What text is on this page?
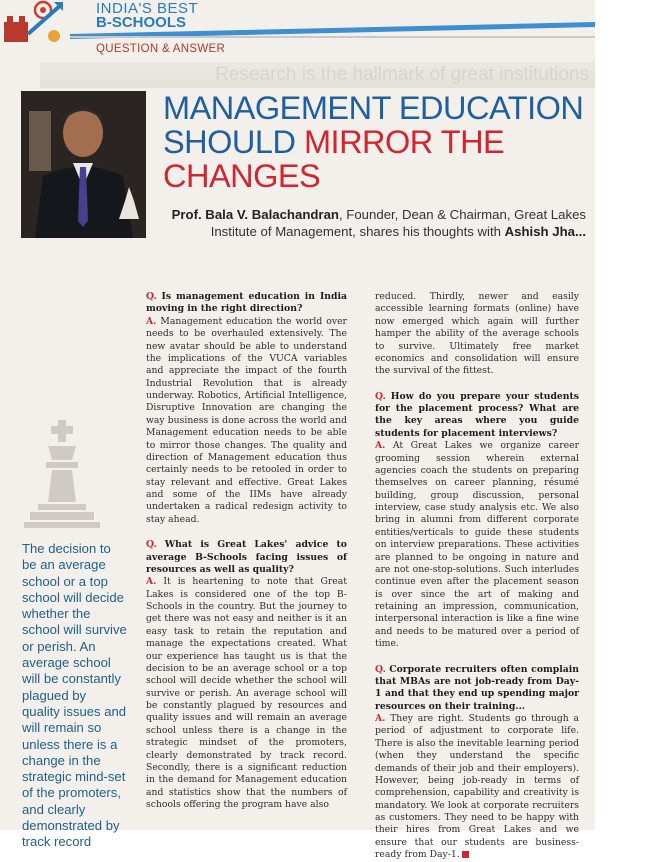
INDIA'S BEST
B-SCHOOLS
QUESTION & ANSWER
Research is the hallmark of great institutions
MANAGEMENT EDUCATION
SHOULD MIRROR THE
CHANGES
Prof. Bala V. Balachandran, Founder, Dean & Chairman, Great Lakes Institute of Management, shares his thoughts with Ashish Jha...
The decision to be an average school or a top school will decide whether the school will survive or perish. An average school will be constantly plagued by quality issues and will remain so unless there is a change in the strategic mind-set of the promoters, and clearly demonstrated by track record

Q. Is management education in India moving in the right direction?

A. Management education the world over needs to be overhauled extensively. The new avatar should be able to understand the implications of the VUCA variables and appreciate the impact of the fourth Industrial Revolution that is already underway. Robotics, Artificial Intelligence, Disruptive Innovation are changing the way business is done across the world and Management education needs to be able to mirror those changes. The quality and direction of Management education thus certainly needs to be retooled in order to stay relevant and effective. Great Lakes and some of the IIMs have already undertaken a radical redesign activity to stay ahead.

Q. What is Great Lakes' advice to average B-Schools facing issues of resources as well as quality?

A. It is heartening to note that Great Lakes is considered one of the top B-Schools in the country. But the journey to get there was not easy and neither is it an easy task to retain the reputation and manage the expectations created. What our experience has taught us is that the decision to be an average school or a top school will decide whether the school will survive or perish. An average school will be constantly plagued by resources and quality issues and will remain an average school unless there is a change in the strategic mindset of the promoters, clearly demonstrated by track record. Secondly, there is a significant reduction in the demand for Management education and statistics show that the numbers of schools offering the program have also

reduced. Thirdly, newer and easily accessible learning formats (online) have now emerged which again will further hamper the ability of the average schools to survive. Ultimately free market economics and consolidation will ensure the survival of the fittest.

Q. How do you prepare your students for the placement process? What are the key areas where you guide students for placement interviews?

A. At Great Lakes we organize career grooming session wherein external agencies coach the students on preparing themselves on career planning, résumé building, group discussion, personal interview, case study analysis etc. We also bring in alumni from different corporate entities/verticals to guide these students on interview preparations. These activities are planned to be ongoing in nature and are not one-stop-solutions. Such interludes continue even after the placement season is over since the art of making and retaining an impression, communication, interpersonal interaction is like a fine wine and needs to be matured over a period of time.

Q. Corporate recruiters often complain that MBAs are not job-ready from Day-1 and that they end up spending major resources on their training...

A. They are right. Students go through a period of adjustment to corporate life. There is also the inevitable learning period (when they understand the specific demands of their job and their employers). However, being job-ready in terms of comprehension, capability and creativity is mandatory. We look at corporate recruiters as customers. They need to be happy with their hires from Great Lakes and we ensure that our students are business-ready from Day-1.
